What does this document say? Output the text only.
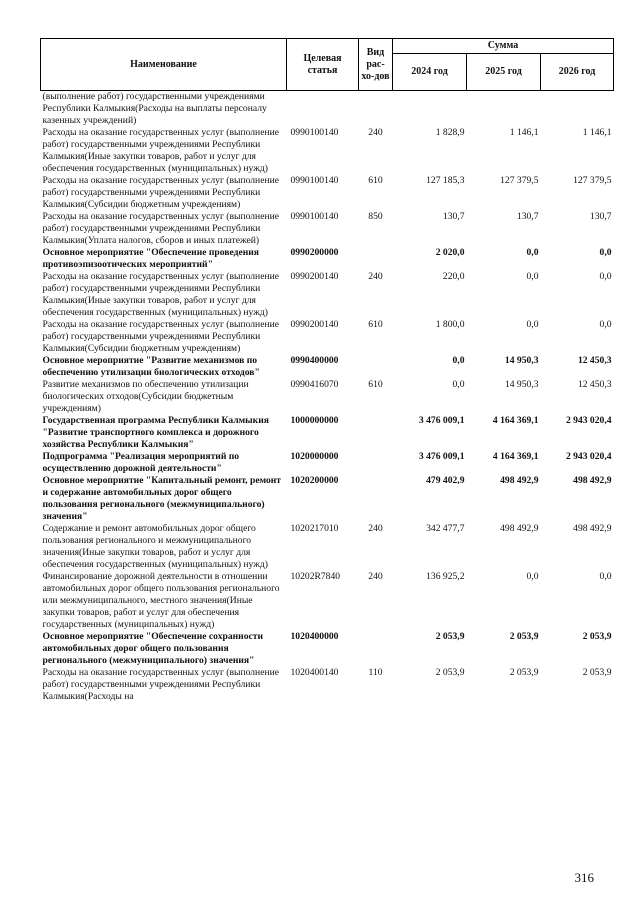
Наименование	Целевая статья	Вид рас-хо-дов	Сумма		
			2024 год	2025 год	2026 год
(выполнение работ) государственными учреждениями Республики Калмыкия(Расходы на выплаты персоналу казенных учреждений)					
Расходы на оказание государственных услуг (выполнение работ) государственными учреждениями Республики Калмыкия(Иные закупки товаров, работ и услуг для обеспечения государственных (муниципальных) нужд)	0990100140	240	1 828,9	1 146,1	1 146,1
Расходы на оказание государственных услуг (выполнение работ) государственными учреждениями Республики Калмыкия(Субсидии бюджетным учреждениям)	0990100140	610	127 185,3	127 379,5	127 379,5
Расходы на оказание государственных услуг (выполнение работ) государственными учреждениями Республики Калмыкия(Уплата налогов, сборов и иных платежей)	0990100140	850	130,7	130,7	130,7
Основное мероприятие "Обеспечение проведения противоэпизоотических мероприятий"	0990200000		2 020,0	0,0	0,0
Расходы на оказание государственных услуг (выполнение работ) государственными учреждениями Республики Калмыкия(Иные закупки товаров, работ и услуг для обеспечения государственных (муниципальных) нужд)	0990200140	240	220,0	0,0	0,0
Расходы на оказание государственных услуг (выполнение работ) государственными учреждениями Республики Калмыкия(Субсидии бюджетным учреждениям)	0990200140	610	1 800,0	0,0	0,0
Основное мероприятие "Развитие механизмов по обеспечению утилизации биологических отходов"	0990400000		0,0	14 950,3	12 450,3
Развитие механизмов по обеспечению утилизации биологических отходов(Субсидии бюджетным учреждениям)	0990416070	610	0,0	14 950,3	12 450,3
Государственная программа Республики Калмыкия "Развитие транспортного комплекса и дорожного хозяйства Республики Калмыкия"	1000000000		3 476 009,1	4 164 369,1	2 943 020,4
Подпрограмма "Реализация мероприятий по осуществлению дорожной деятельности"	1020000000		3 476 009,1	4 164 369,1	2 943 020,4
Основное мероприятие "Капитальный ремонт, ремонт и содержание автомобильных дорог общего пользования регионального (межмуниципального) значения"	1020200000		479 402,9	498 492,9	498 492,9
Содержание и ремонт автомобильных дорог общего пользования регионального и межмуниципального значения(Иные закупки товаров, работ и услуг для обеспечения государственных (муниципальных) нужд)	1020217010	240	342 477,7	498 492,9	498 492,9
Финансирование дорожной деятельности в отношении автомобильных дорог общего пользования регионального или межмуниципального, местного значения(Иные закупки товаров, работ и услуг для обеспечения государственных (муниципальных) нужд)	10202R7840	240	136 925,2	0,0	0,0
Основное мероприятие "Обеспечение сохранности автомобильных дорог общего пользования регионального (межмуниципального) значения"	1020400000		2 053,9	2 053,9	2 053,9
Расходы на оказание государственных услуг (выполнение работ) государственными учреждениями Республики Калмыкия(Расходы на	1020400140	110	2 053,9	2 053,9	2 053,9
316
